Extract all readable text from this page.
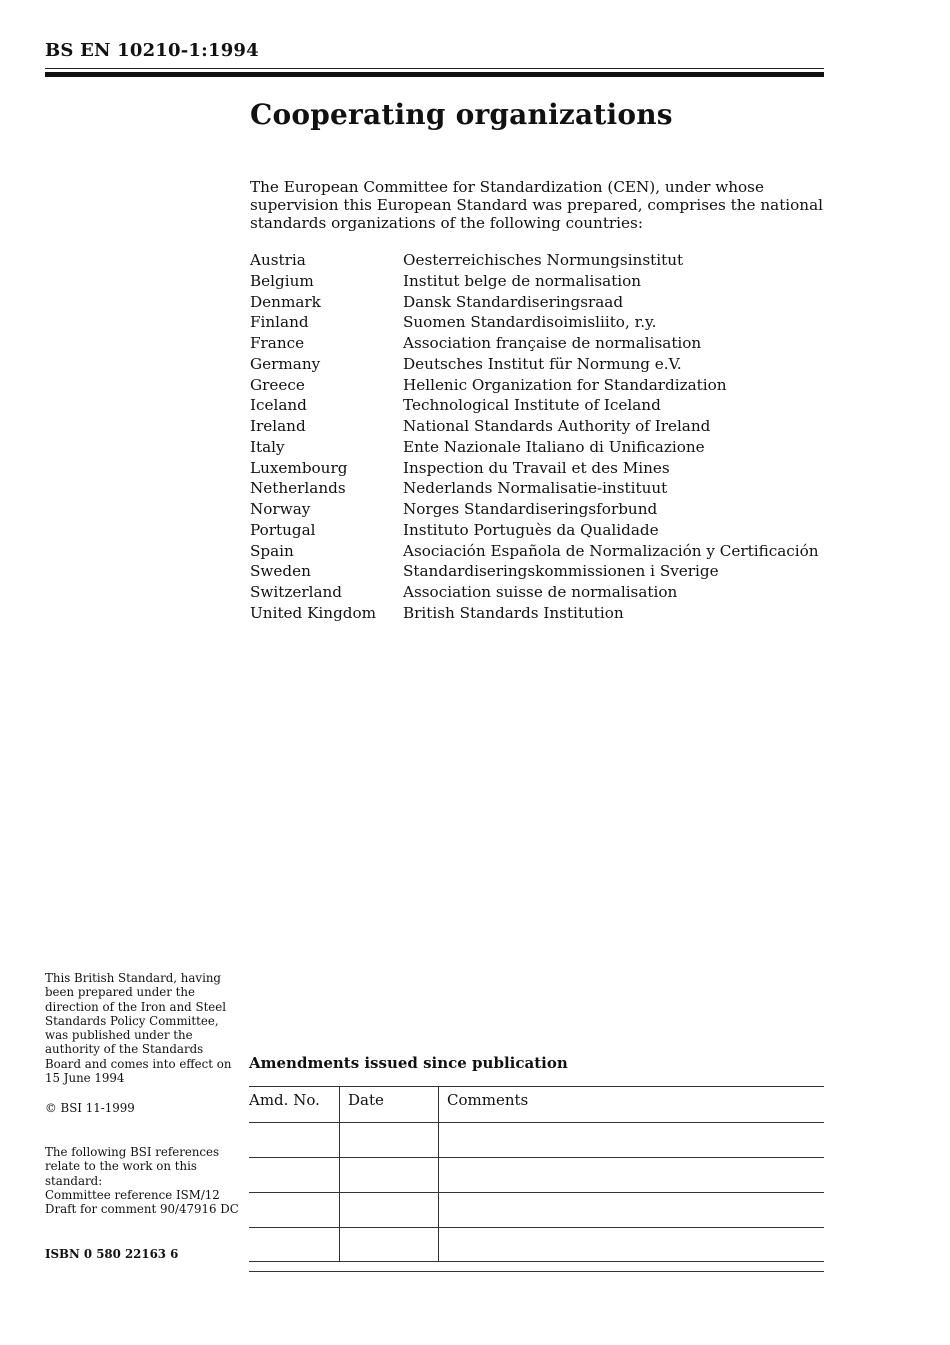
BS EN 10210-1:1994
Cooperating organizations

The European Committee for Standardization (CEN), under whose supervision this European Standard was prepared, comprises the national standards organizations of the following countries:

Austria	Oesterreichisches Normungsinstitut
Belgium	Institut belge de normalisation
Denmark	Dansk Standardiseringsraad
Finland	Suomen Standardisoimisliito, r.y.
France	Association française de normalisation
Germany	Deutsches Institut für Normung e.V.
Greece	Hellenic Organization for Standardization
Iceland	Technological Institute of Iceland
Ireland	National Standards Authority of Ireland
Italy	Ente Nazionale Italiano di Unificazione
Luxembourg	Inspection du Travail et des Mines
Netherlands	Nederlands Normalisatie-instituut
Norway	Norges Standardiseringsforbund
Portugal	Instituto Portuguès da Qualidade
Spain	Asociación Española de Normalización y Certificación
Sweden	Standardiseringskommissionen i Sverige
Switzerland	Association suisse de normalisation
United Kingdom	British Standards Institution
This British Standard, having been prepared under the direction of the Iron and Steel Standards Policy Committee, was published under the authority of the Standards Board and comes into effect on 15 June 1994
© BSI 11-1999
The following BSI references relate to the work on this standard:
Committee reference ISM/12
Draft for comment 90/47916 DC
ISBN 0 580 22163 6
Amendments issued since publication
Amd. No.	Date	Comments
